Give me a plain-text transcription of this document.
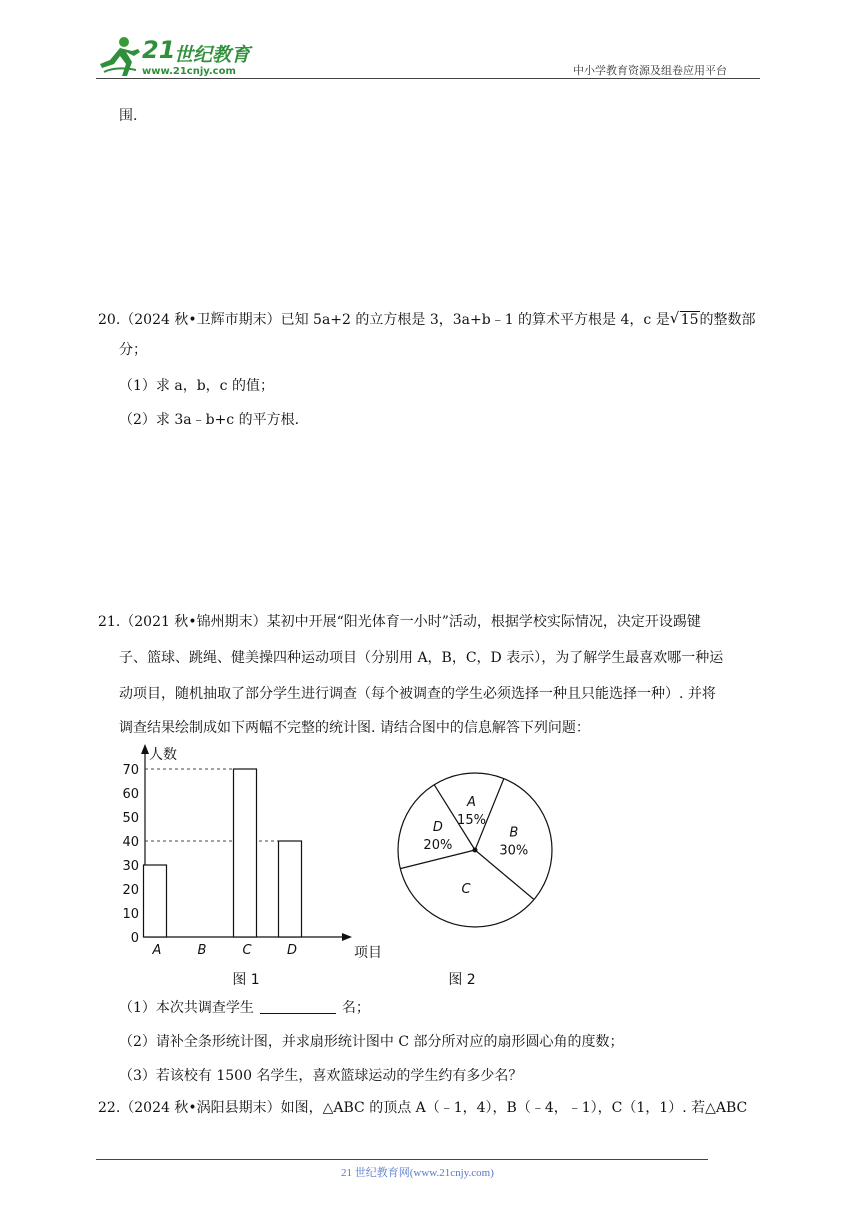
21
世纪教育
www.21cnjy.com	中小学教育资源及组卷应用平台
围.
20.（2024 秋•卫辉市期末）已知 5a+2 的立方根是 3，3a+b﹣1 的算术平方根是 4，c 是 √ 15的整数部
分；
（1）求 a，b，c 的值；
（2）求 3a﹣b+c 的平方根.
21.（2021 秋•锦州期末）某初中开展“阳光体育一小时”活动，根据学校实际情况，决定开设踢键
子、篮球、跳绳、健美操四种运动项目（分别用 A，B，C，D 表示），为了解学生最喜欢哪一种运
动项目，随机抽取了部分学生进行调查（每个被调查的学生必须选择一种且只能选择一种）. 并将
调查结果绘制成如下两幅不完整的统计图. 请结合图中的信息解答下列问题：
人数
项目
0
10
20
30
40
50
60
70
A	B	C	D
图 1
A
15%
B
30%
C
D
20%
图 2
（1）本次共调查学生	名；
（2）请补全条形统计图，并求扇形统计图中 C 部分所对应的扇形圆心角的度数；
（3）若该校有 1500 名学生，喜欢篮球运动的学生约有多少名？
22.（2024 秋•涡阳县期末）如图，△ABC 的顶点 A（﹣1，4），B（﹣4，﹣1），C（1，1）. 若△ABC
21 世纪教育网(www.21cnjy.com)
